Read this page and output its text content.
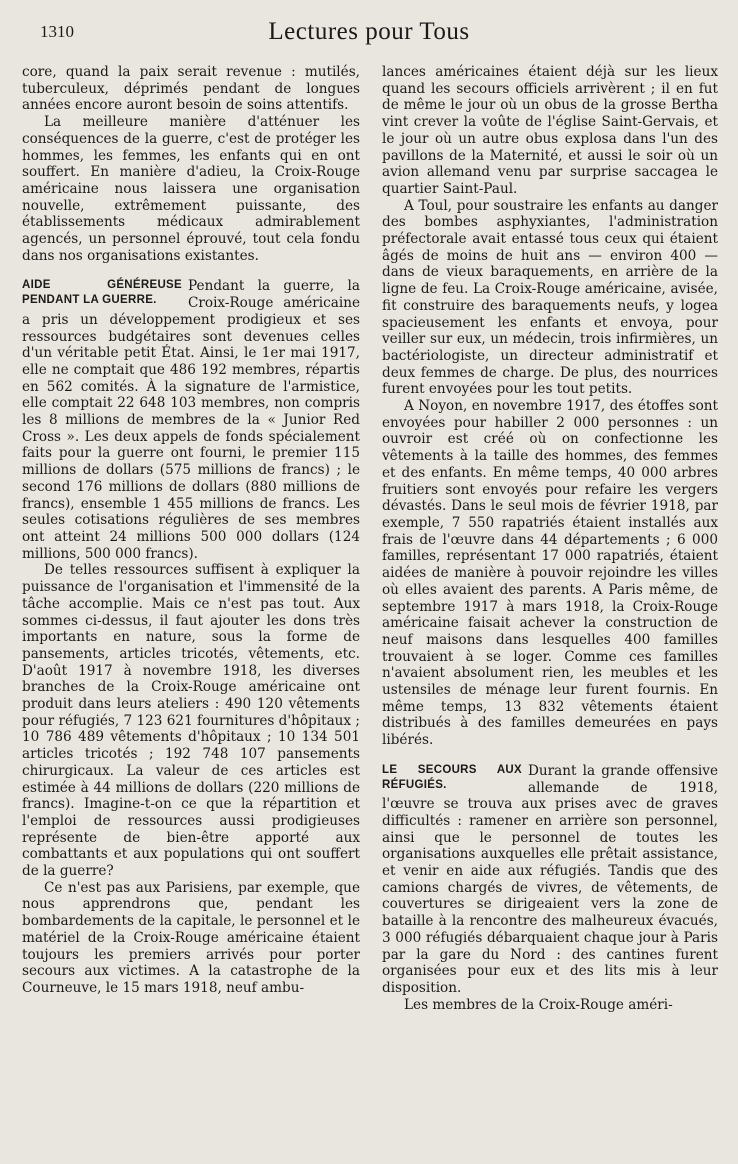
1310	Lectures pour Tous

core, quand la paix serait revenue : mutilés, tuberculeux, déprimés pendant de longues années encore auront besoin de soins attentifs.

La meilleure manière d'atténuer les conséquences de la guerre, c'est de protéger les hommes, les femmes, les enfants qui en ont souffert. En manière d'adieu, la Croix-Rouge américaine nous laissera une organisation nouvelle, extrêmement puissante, des établissements médicaux admirablement agencés, un personnel éprouvé, tout cela fondu dans nos organisations existantes.

AIDE GÉNÉREUSE PENDANT LA GUERRE.

Pendant la guerre, la Croix-Rouge américaine a pris un développement prodigieux et ses ressources budgétaires sont devenues celles d'un véritable petit État. Ainsi, le 1er mai 1917, elle ne comptait que 486 192 membres, répartis en 562 comités. À la signature de l'armistice, elle comptait 22 648 103 membres, non compris les 8 millions de membres de la « Junior Red Cross ». Les deux appels de fonds spécialement faits pour la guerre ont fourni, le premier 115 millions de dollars (575 millions de francs) ; le second 176 millions de dollars (880 millions de francs), ensemble 1 455 millions de francs. Les seules cotisations régulières de ses membres ont atteint 24 millions 500 000 dollars (124 millions, 500 000 francs).

De telles ressources suffisent à expliquer la puissance de l'organisation et l'immensité de la tâche accomplie. Mais ce n'est pas tout. Aux sommes ci-dessus, il faut ajouter les dons très importants en nature, sous la forme de pansements, articles tricotés, vêtements, etc. D'août 1917 à novembre 1918, les diverses branches de la Croix-Rouge américaine ont produit dans leurs ateliers : 490 120 vêtements pour réfugiés, 7 123 621 fournitures d'hôpitaux ; 10 786 489 vêtements d'hôpitaux ; 10 134 501 articles tricotés ; 192 748 107 pansements chirurgicaux. La valeur de ces articles est estimée à 44 millions de dollars (220 millions de francs). Imagine-t-on ce que la répartition et l'emploi de ressources aussi prodigieuses représente de bien-être apporté aux combattants et aux populations qui ont souffert de la guerre?

Ce n'est pas aux Parisiens, par exemple, que nous apprendrons que, pendant les bombardements de la capitale, le personnel et le matériel de la Croix-Rouge américaine étaient toujours les premiers arrivés pour porter secours aux victimes. A la catastrophe de la Courneuve, le 15 mars 1918, neuf ambu-

lances américaines étaient déjà sur les lieux quand les secours officiels arrivèrent ; il en fut de même le jour où un obus de la grosse Bertha vint crever la voûte de l'église Saint-Gervais, et le jour où un autre obus explosa dans l'un des pavillons de la Maternité, et aussi le soir où un avion allemand venu par surprise saccagea le quartier Saint-Paul.

A Toul, pour soustraire les enfants au danger des bombes asphyxiantes, l'administration préfectorale avait entassé tous ceux qui étaient âgés de moins de huit ans — environ 400 — dans de vieux baraquements, en arrière de la ligne de feu. La Croix-Rouge américaine, avisée, fit construire des baraquements neufs, y logea spacieusement les enfants et envoya, pour veiller sur eux, un médecin, trois infirmières, un bactériologiste, un directeur administratif et deux femmes de charge. De plus, des nourrices furent envoyées pour les tout petits.

A Noyon, en novembre 1917, des étoffes sont envoyées pour habiller 2 000 personnes : un ouvroir est créé où on confectionne les vêtements à la taille des hommes, des femmes et des enfants. En même temps, 40 000 arbres fruitiers sont envoyés pour refaire les vergers dévastés. Dans le seul mois de février 1918, par exemple, 7 550 rapatriés étaient installés aux frais de l'œuvre dans 44 départements ; 6 000 familles, représentant 17 000 rapatriés, étaient aidées de manière à pouvoir rejoindre les villes où elles avaient des parents. A Paris même, de septembre 1917 à mars 1918, la Croix-Rouge américaine faisait achever la construction de neuf maisons dans lesquelles 400 familles trouvaient à se loger. Comme ces familles n'avaient absolument rien, les meubles et les ustensiles de ménage leur furent fournis. En même temps, 13 832 vêtements étaient distribués à des familles demeurées en pays libérés.

LE SECOURS AUX RÉFUGIÉS.

Durant la grande offensive allemande de 1918, l'œuvre se trouva aux prises avec de graves difficultés : ramener en arrière son personnel, ainsi que le personnel de toutes les organisations auxquelles elle prêtait assistance, et venir en aide aux réfugiés. Tandis que des camions chargés de vivres, de vêtements, de couvertures se dirigeaient vers la zone de bataille à la rencontre des malheureux évacués, 3 000 réfugiés débarquaient chaque jour à Paris par la gare du Nord : des cantines furent organisées pour eux et des lits mis à leur disposition.

Les membres de la Croix-Rouge améri-
